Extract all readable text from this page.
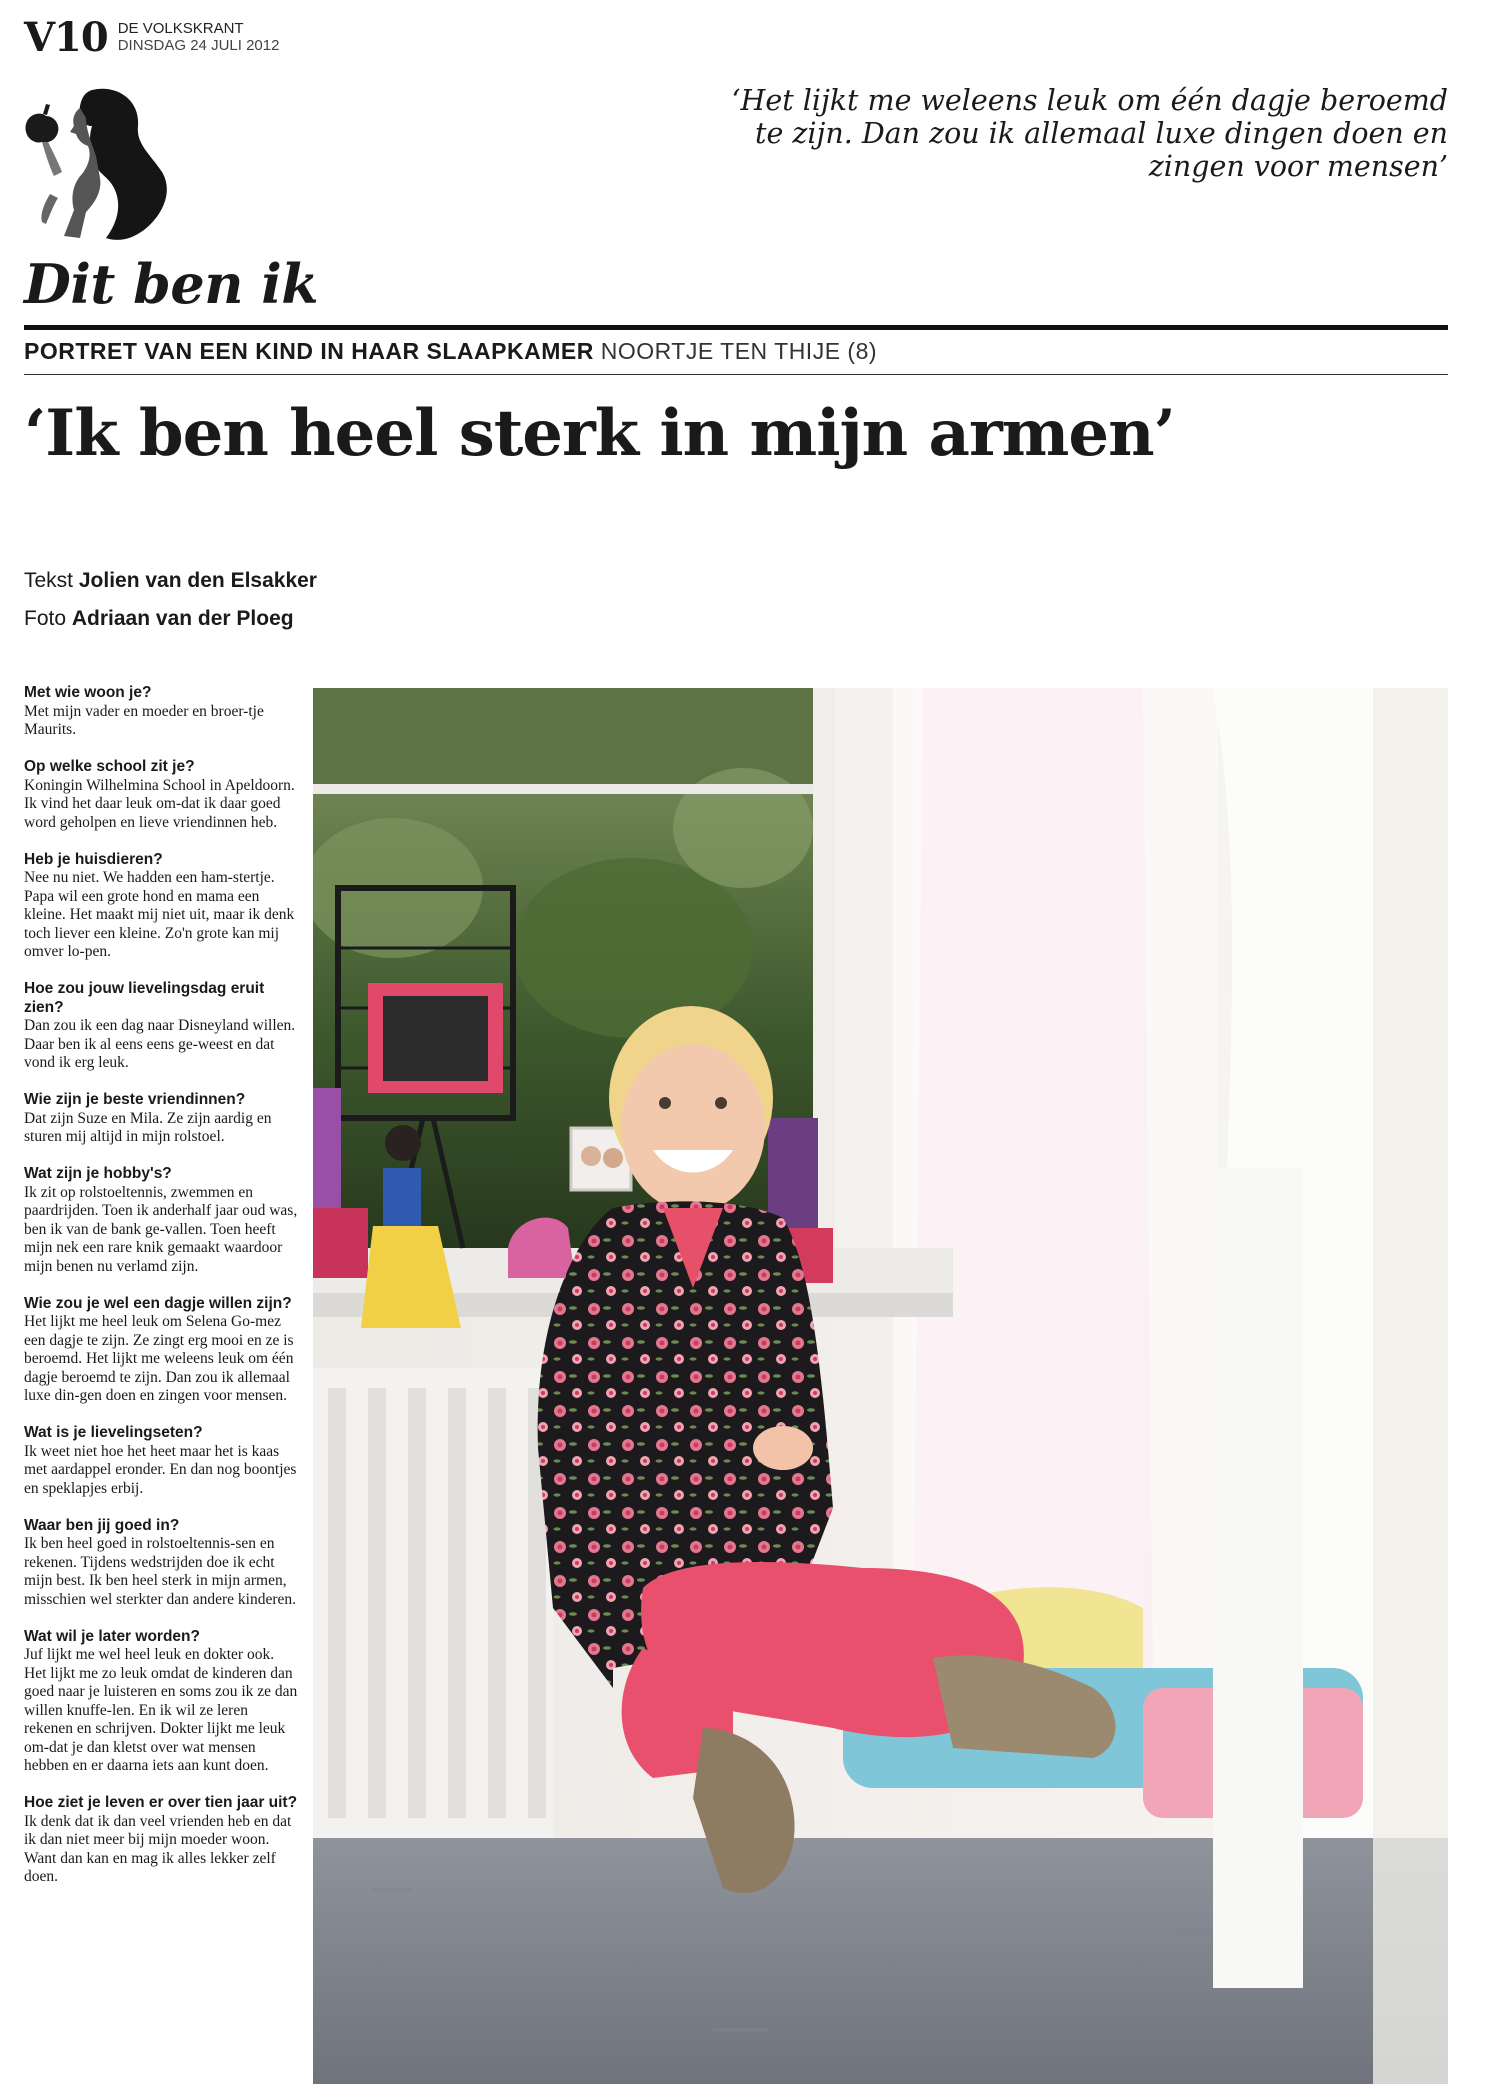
V10 DE VOLKSKRANT
DINSDAG 24 JULI 2012
Dit ben ik
‘Het lijkt me weleens leuk om één dagje beroemd te zijn. Dan zou ik allemaal luxe dingen doen en zingen voor mensen’
PORTRET VAN EEN KIND IN HAAR SLAAPKAMER NOORTJE TEN THIJE (8)
‘Ik ben heel sterk in mijn armen’
Tekst Jolien van den Elsakker
Foto Adriaan van der Ploeg
Met wie woon je?
Met mijn vader en moeder en broer-tje Maurits.
Op welke school zit je?
Koningin Wilhelmina School in Apeldoorn. Ik vind het daar leuk om-dat ik daar goed word geholpen en lieve vriendinnen heb.
Heb je huisdieren?
Nee nu niet. We hadden een ham-stertje. Papa wil een grote hond en mama een kleine. Het maakt mij niet uit, maar ik denk toch liever een kleine. Zo'n grote kan mij omver lo-pen.
Hoe zou jouw lievelingsdag eruit zien?
Dan zou ik een dag naar Disneyland willen. Daar ben ik al eens eens ge-weest en dat vond ik erg leuk.
Wie zijn je beste vriendinnen?
Dat zijn Suze en Mila. Ze zijn aardig en sturen mij altijd in mijn rolstoel.
Wat zijn je hobby's?
Ik zit op rolstoeltennis, zwemmen en paardrijden. Toen ik anderhalf jaar oud was, ben ik van de bank ge-vallen. Toen heeft mijn nek een rare knik gemaakt waardoor mijn benen nu verlamd zijn.
Wie zou je wel een dagje willen zijn?
Het lijkt me heel leuk om Selena Go-mez een dagje te zijn. Ze zingt erg mooi en ze is beroemd. Het lijkt me weleens leuk om één dagje beroemd te zijn. Dan zou ik allemaal luxe din-gen doen en zingen voor mensen.
Wat is je lievelingseten?
Ik weet niet hoe het heet maar het is kaas met aardappel eronder. En dan nog boontjes en speklapjes erbij.
Waar ben jij goed in?
Ik ben heel goed in rolstoeltennis-sen en rekenen. Tijdens wedstrijden doe ik echt mijn best. Ik ben heel sterk in mijn armen, misschien wel sterkter dan andere kinderen.
Wat wil je later worden?
Juf lijkt me wel heel leuk en dokter ook. Het lijkt me zo leuk omdat de kinderen dan goed naar je luisteren en soms zou ik ze dan willen knuffe-len. En ik wil ze leren rekenen en schrijven. Dokter lijkt me leuk om-dat je dan kletst over wat mensen hebben en er daarna iets aan kunt doen.
Hoe ziet je leven er over tien jaar uit?
Ik denk dat ik dan veel vrienden heb en dat ik dan niet meer bij mijn moeder woon. Want dan kan en mag ik alles lekker zelf doen.
